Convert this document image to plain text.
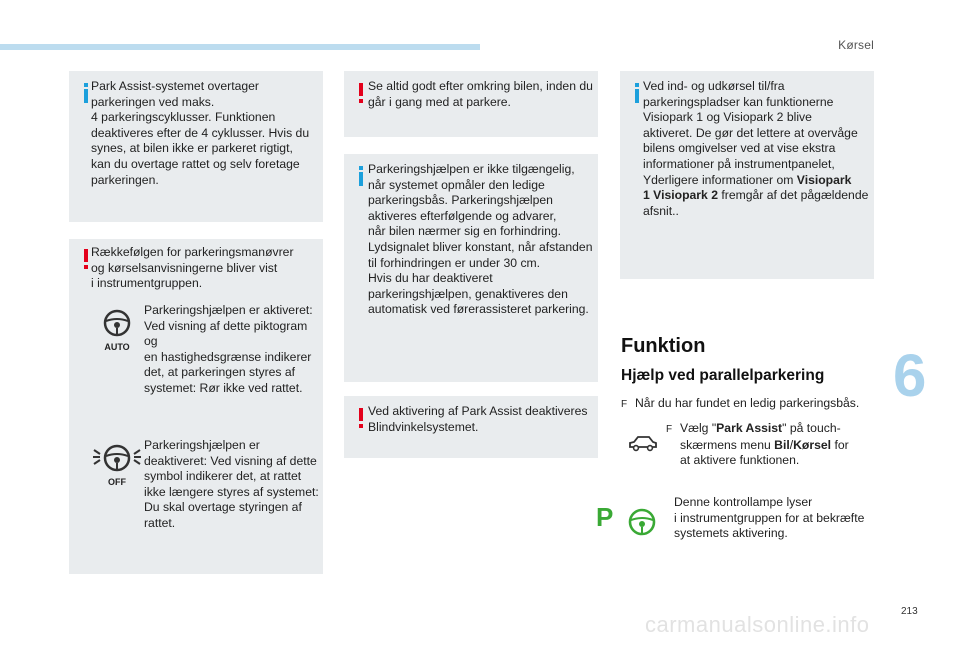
Kørsel
6
213
Park Assist-systemet overtager
parkeringen ved maks.
4 parkeringscyklusser. Funktionen
deaktiveres efter de 4 cyklusser. Hvis du
synes, at bilen ikke er parkeret rigtigt,
kan du overtage rattet og selv foretage
parkeringen.
Rækkefølgen for parkeringsmanøvrer
og kørselsanvisningerne bliver vist
i instrumentgruppen.
AUTO
Parkeringshjælpen er aktiveret:
Ved visning af dette piktogram og
en hastighedsgrænse indikerer
det, at parkeringen styres af
systemet: Rør ikke ved rattet.
OFF
Parkeringshjælpen er
deaktiveret: Ved visning af dette
symbol indikerer det, at rattet
ikke længere styres af systemet:
Du skal overtage styringen af
rattet.
Se altid godt efter omkring bilen, inden du
går i gang med at parkere.
Parkeringshjælpen er ikke tilgængelig,
når systemet opmåler den ledige
parkeringsbås. Parkeringshjælpen
aktiveres efterfølgende og advarer,
når bilen nærmer sig en forhindring.
Lydsignalet bliver konstant, når afstanden
til forhindringen er under 30 cm.
Hvis du har deaktiveret
parkeringshjælpen, genaktiveres den
automatisk ved førerassisteret parkering.
Ved aktivering af Park Assist deaktiveres
Blindvinkelsystemet.
Ved ind- og udkørsel til/fra
parkeringspladser kan funktionerne
Visiopark 1 og Visiopark 2 blive
aktiveret. De gør det lettere at overvåge
bilens omgivelser ved at vise ekstra
informationer på instrumentpanelet,
Yderligere informationer om Visiopark
1 Visiopark 2 fremgår af det pågældende
afsnit..
Funktion
Hjælp ved parallelparkering
F Når du har fundet en ledig parkeringsbås.
F Vælg "Park Assist" på touch-
skærmens menu Bil/Kørsel for
at aktivere funktionen.
P	Denne kontrollampe lyser
i instrumentgruppen for at bekræfte
systemets aktivering.
carmanualsonline.info
